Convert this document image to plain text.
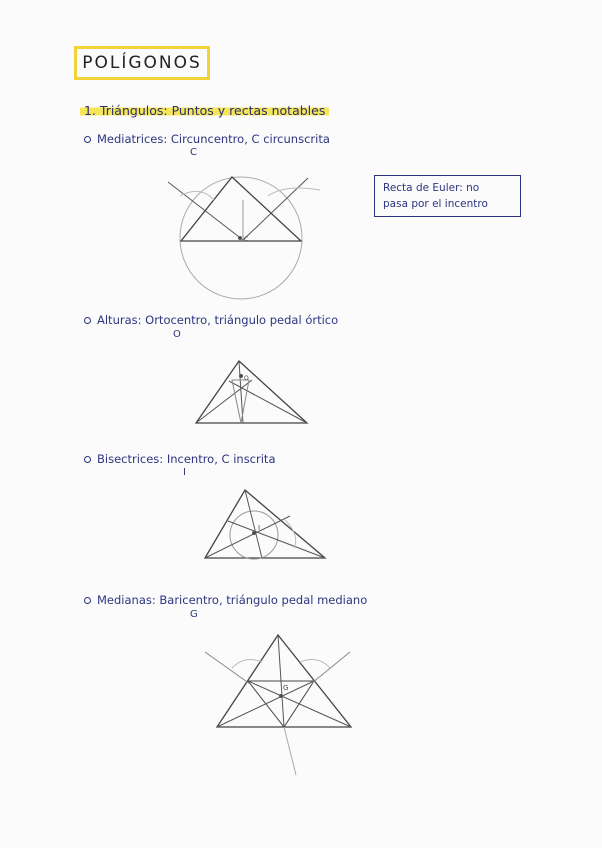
POLÍGONOS
1. Triángulos: Puntos y rectas notables
Mediatrices: Circuncentro, C circunscrita
C
Recta de Euler: no
pasa por el incentro
Alturas: Ortocentro, triángulo pedal órtico
O
Bisectrices: Incentro, C inscrita
I
Medianas: Baricentro, triángulo pedal mediano
G
C
O
I
G
